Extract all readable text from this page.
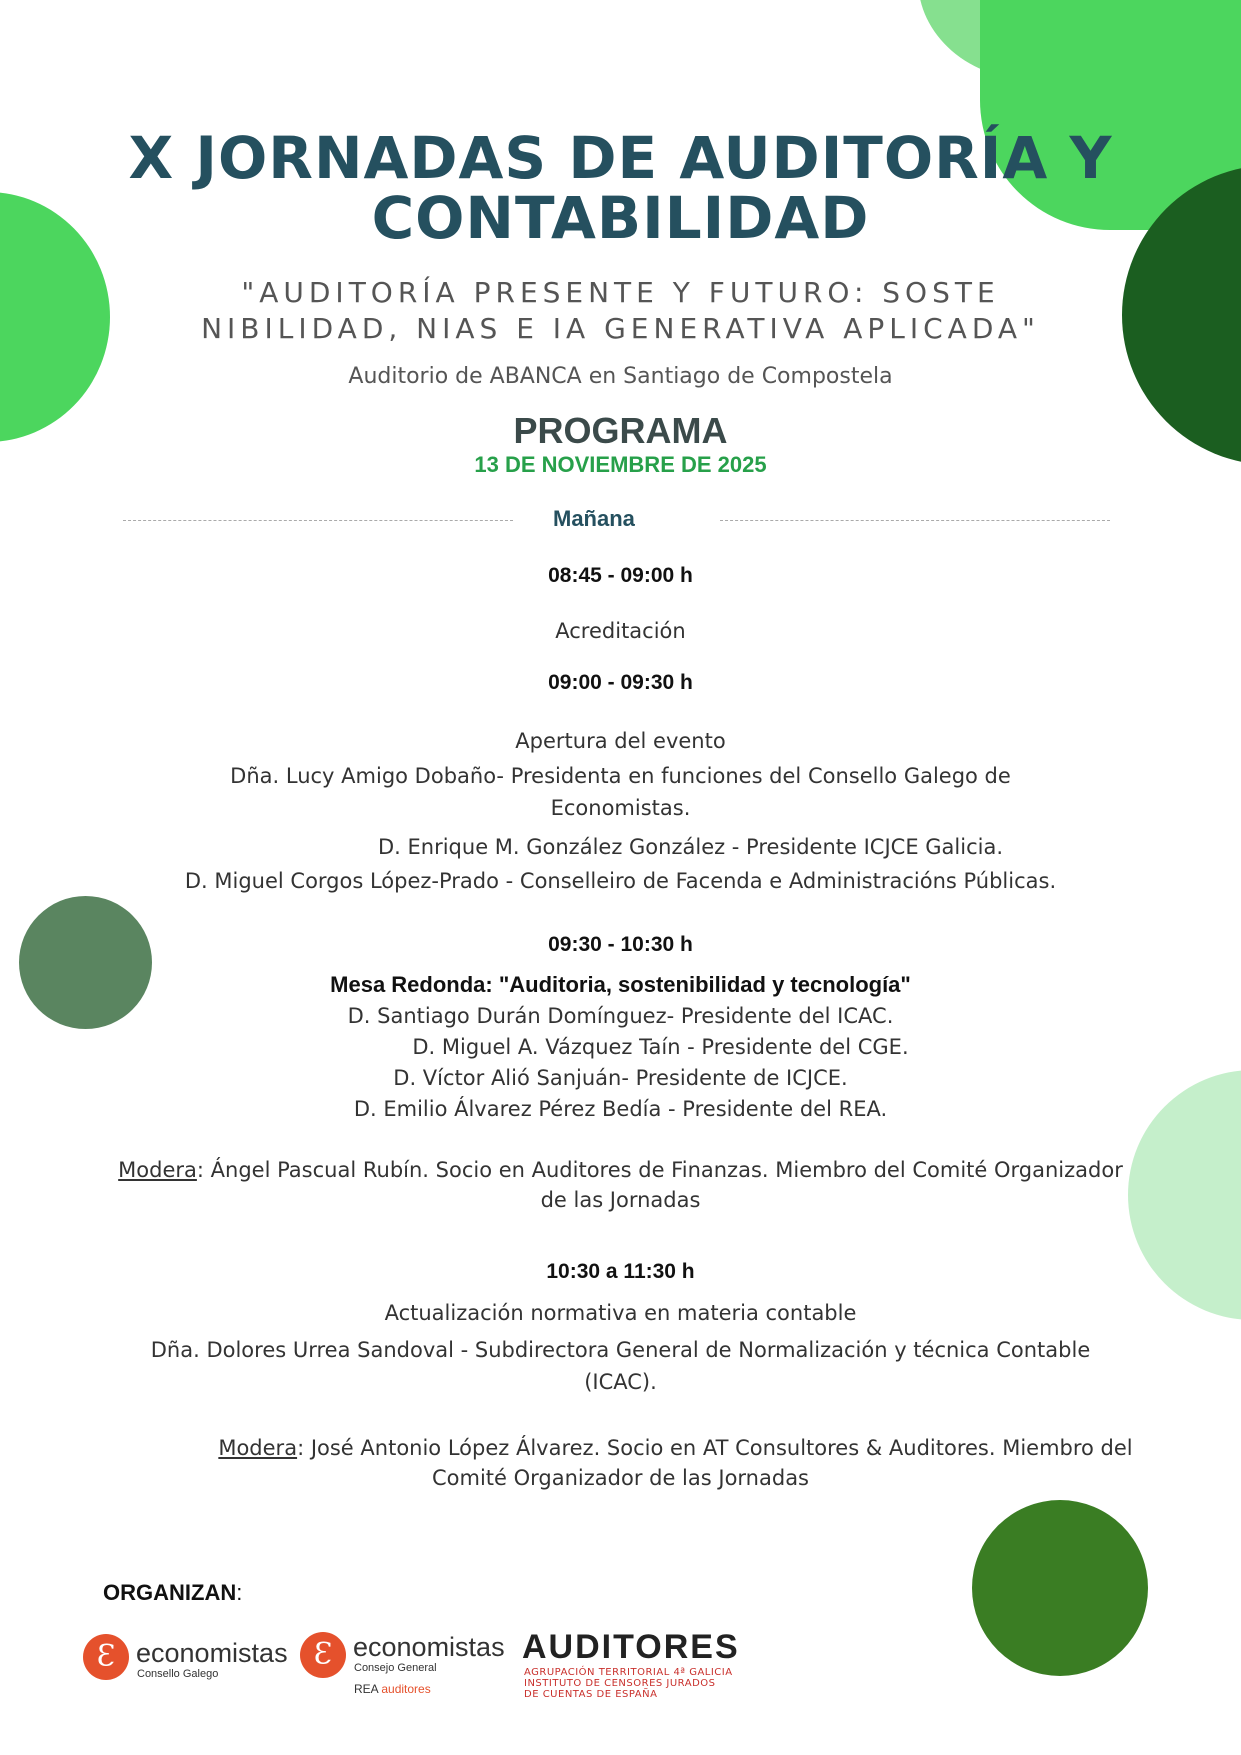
X JORNADAS DE AUDITORÍA Y
CONTABILIDAD
"AUDITORÍA PRESENTE Y FUTURO: SOSTE
NIBILIDAD, NIAS E IA GENERATIVA APLICADA"
Auditorio de ABANCA en Santiago de Compostela
PROGRAMA
13 DE NOVIEMBRE DE 2025
Mañana
08:45 - 09:00 h
Acreditación
09:00 - 09:30 h
Apertura del evento
Dña. Lucy Amigo Dobaño- Presidenta en funciones del Consello Galego de
Economistas.
D. Enrique M. González González - Presidente ICJCE Galicia.
D. Miguel Corgos López-Prado - Conselleiro de Facenda e Administracións Públicas.
09:30 - 10:30 h
Mesa Redonda: "Auditoria, sostenibilidad y tecnología"
D. Santiago Durán Domínguez- Presidente del ICAC.
D. Miguel A. Vázquez Taín - Presidente del CGE.
D. Víctor Alió Sanjuán- Presidente de ICJCE.
D. Emilio Álvarez Pérez Bedía - Presidente del REA.
Modera: Ángel Pascual Rubín. Socio en Auditores de Finanzas. Miembro del Comité Organizador
de las Jornadas
10:30 a 11:30 h
Actualización normativa en materia contable
Dña. Dolores Urrea Sandoval - Subdirectora General de Normalización y técnica Contable
(ICAC).
Modera: José Antonio López Álvarez. Socio en AT Consultores & Auditores. Miembro del
Comité Organizador de las Jornadas
ORGANIZAN:
Ɛ economistas
Consello Galego
Ɛ economistas
Consejo General
REA auditores
AUDITORES
AGRUPACIÓN TERRITORIAL 4ª GALICIA
INSTITUTO DE CENSORES JURADOS
DE CUENTAS DE ESPAÑA
